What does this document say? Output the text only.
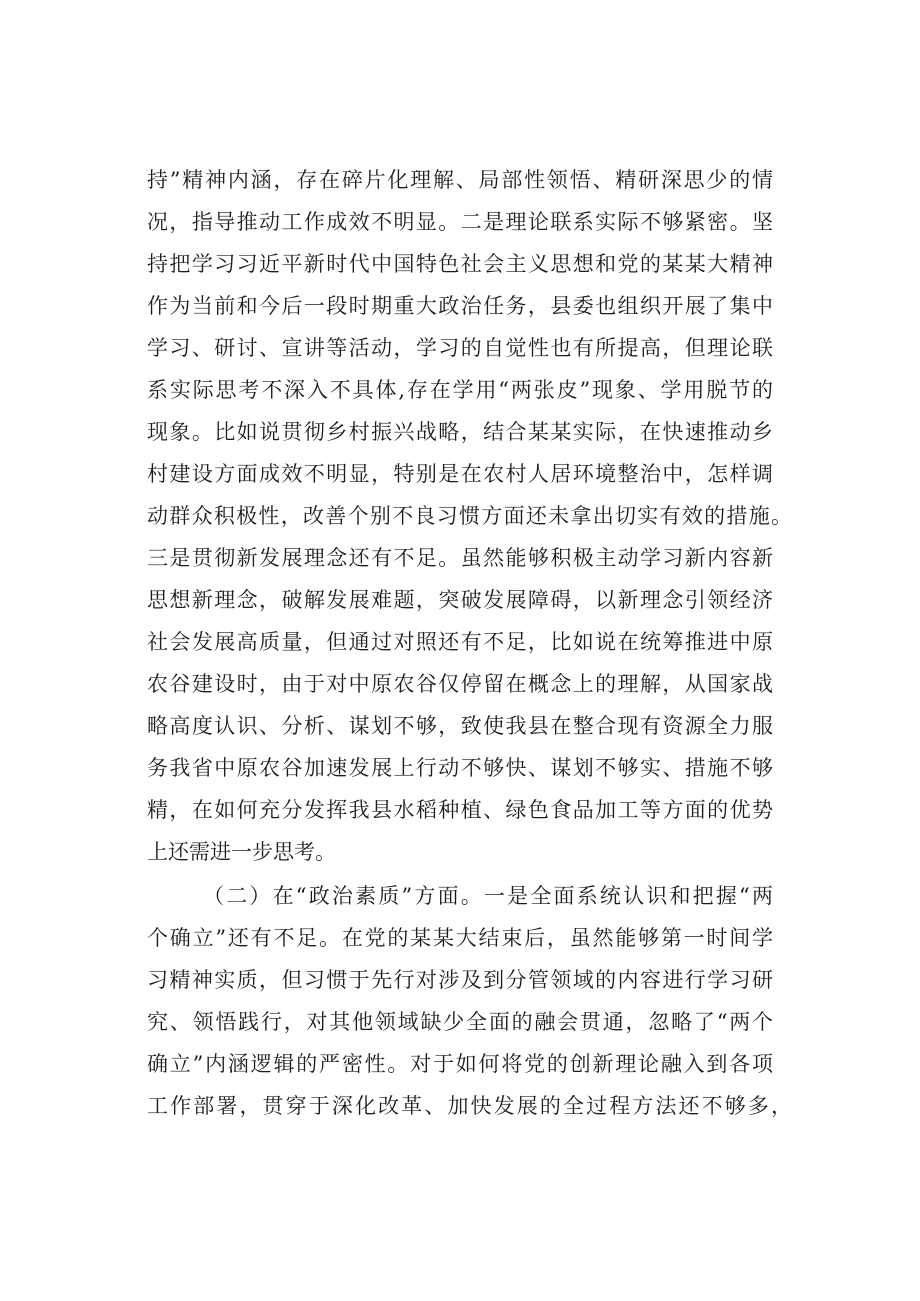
持”精神内涵，存在碎片化理解、局部性领悟、精研深思少的情
况，指导推动工作成效不明显。二是理论联系实际不够紧密。坚
持把学习习近平新时代中国特色社会主义思想和党的某某大精神
作为当前和今后一段时期重大政治任务，县委也组织开展了集中
学习、研讨、宣讲等活动，学习的自觉性也有所提高，但理论联
系实际思考不深入不具体,存在学用“两张皮”现象、学用脱节的
现象。比如说贯彻乡村振兴战略，结合某某实际，在快速推动乡
村建设方面成效不明显，特别是在农村人居环境整治中，怎样调
动群众积极性，改善个别不良习惯方面还未拿出切实有效的措施。
三是贯彻新发展理念还有不足。虽然能够积极主动学习新内容新
思想新理念，破解发展难题，突破发展障碍，以新理念引领经济
社会发展高质量，但通过对照还有不足，比如说在统筹推进中原
农谷建设时，由于对中原农谷仅停留在概念上的理解，从国家战
略高度认识、分析、谋划不够，致使我县在整合现有资源全力服
务我省中原农谷加速发展上行动不够快、谋划不够实、措施不够
精，在如何充分发挥我县水稻种植、绿色食品加工等方面的优势
上还需进一步思考。
（二）在“政治素质”方面。一是全面系统认识和把握“两
个确立”还有不足。在党的某某大结束后，虽然能够第一时间学
习精神实质，但习惯于先行对涉及到分管领域的内容进行学习研
究、领悟践行，对其他领域缺少全面的融会贯通，忽略了“两个
确立”内涵逻辑的严密性。对于如何将党的创新理论融入到各项
工作部署，贯穿于深化改革、加快发展的全过程方法还不够多，
